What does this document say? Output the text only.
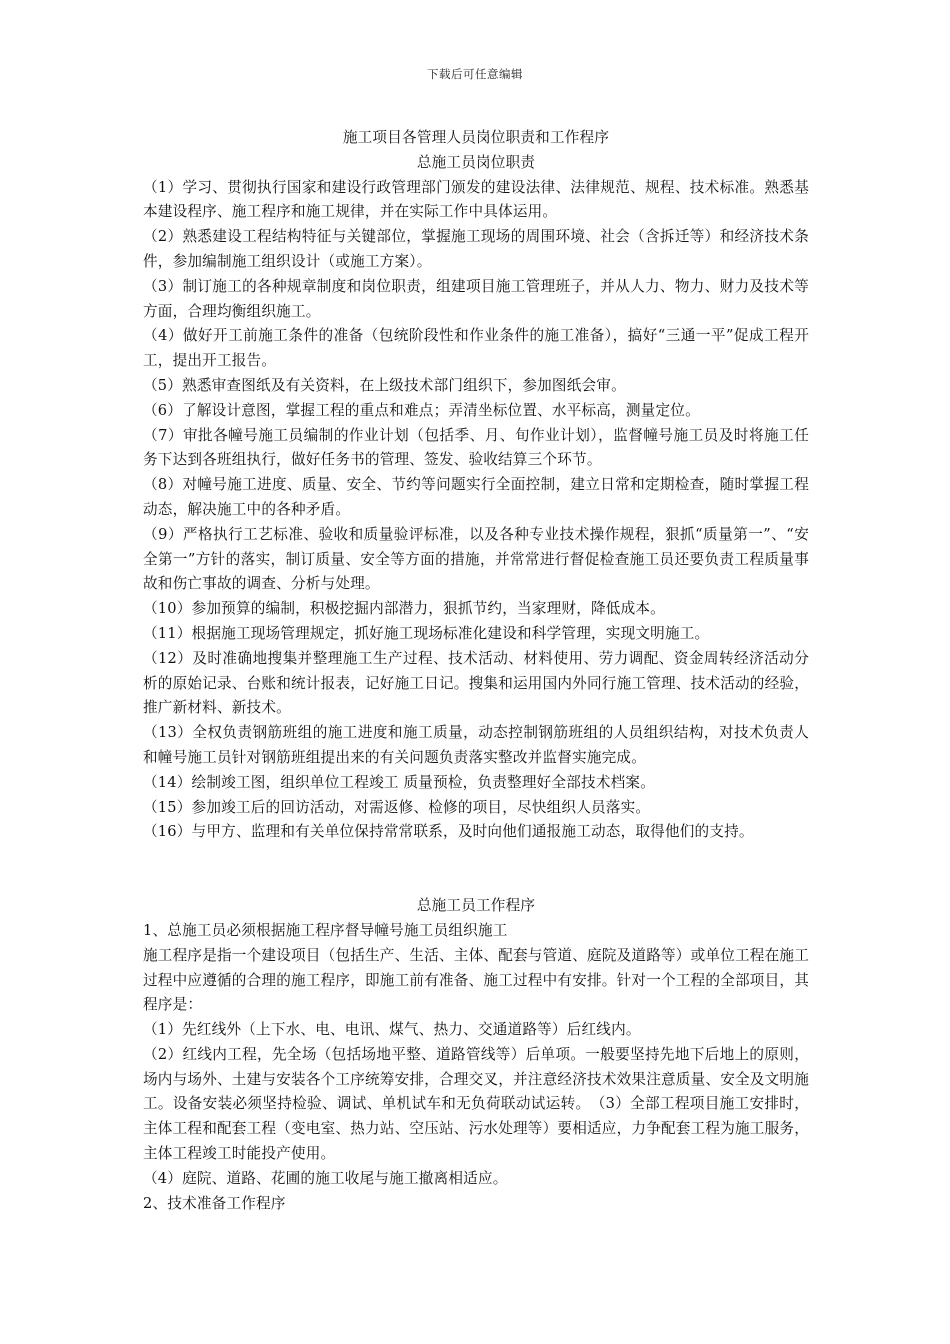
下载后可任意编辑

施工项目各管理人员岗位职责和工作程序

总施工员岗位职责

（1）学习、贯彻执行国家和建设行政管理部门颁发的建设法律、法律规范、规程、技术标准。熟悉基本建设程序、施工程序和施工规律，并在实际工作中具体运用。

（2）熟悉建设工程结构特征与关键部位，掌握施工现场的周围环境、社会（含拆迁等）和经济技术条件，参加编制施工组织设计（或施工方案）。

（3）制订施工的各种规章制度和岗位职责，组建项目施工管理班子，并从人力、物力、财力及技术等方面，合理均衡组织施工。

（4）做好开工前施工条件的准备（包统阶段性和作业条件的施工准备），搞好“三通一平”促成工程开工，提出开工报告。

（5）熟悉审查图纸及有关资料，在上级技术部门组织下，参加图纸会审。

（6）了解设计意图，掌握工程的重点和难点；弄清坐标位置、水平标高，测量定位。

（7）审批各幢号施工员编制的作业计划（包括季、月、旬作业计划），监督幢号施工员及时将施工任务下达到各班组执行，做好任务书的管理、签发、验收结算三个环节。

（8）对幢号施工进度、质量、安全、节约等问题实行全面控制，建立日常和定期检查，随时掌握工程动态，解决施工中的各种矛盾。

（9）严格执行工艺标准、验收和质量验评标准，以及各种专业技术操作规程，狠抓“质量第一”、“安全第一”方针的落实，制订质量、安全等方面的措施，并常常进行督促检查施工员还要负责工程质量事故和伤亡事故的调查、分析与处理。

（10）参加预算的编制，积极挖掘内部潜力，狠抓节约，当家理财，降低成本。

（11）根据施工现场管理规定，抓好施工现场标准化建设和科学管理，实现文明施工。

（12）及时准确地搜集并整理施工生产过程、技术活动、材料使用、劳力调配、资金周转经济活动分析的原始记录、台账和统计报表，记好施工日记。搜集和运用国内外同行施工管理、技术活动的经验，推广新材料、新技术。

（13）全权负责钢筋班组的施工进度和施工质量，动态控制钢筋班组的人员组织结构，对技术负责人和幢号施工员针对钢筋班组提出来的有关问题负责落实整改并监督实施完成。

（14）绘制竣工图，组织单位工程竣工 质量预检，负责整理好全部技术档案。

（15）参加竣工后的回访活动，对需返修、检修的项目，尽快组织人员落实。

（16）与甲方、监理和有关单位保持常常联系，及时向他们通报施工动态，取得他们的支持。

总施工员工作程序

1、总施工员必须根据施工程序督导幢号施工员组织施工

施工程序是指一个建设项目（包括生产、生活、主体、配套与管道、庭院及道路等）或单位工程在施工过程中应遵循的合理的施工程序，即施工前有准备、施工过程中有安排。针对一个工程的全部项目，其程序是：

（1）先红线外（上下水、电、电讯、煤气、热力、交通道路等）后红线内。

（2）红线内工程，先全场（包括场地平整、道路管线等）后单项。一般要坚持先地下后地上的原则，场内与场外、土建与安装各个工序统筹安排，合理交叉，并注意经济技术效果注意质量、安全及文明施工。设备安装必须坚持检验、调试、单机试车和无负荷联动试运转。　（3）全部工程项目施工安排时，主体工程和配套工程（变电室、热力站、空压站、污水处理等）要相适应，力争配套工程为施工服务，主体工程竣工时能投产使用。

（4）庭院、道路、花圃的施工收尾与施工撤离相适应。

2、技术准备工作程序
